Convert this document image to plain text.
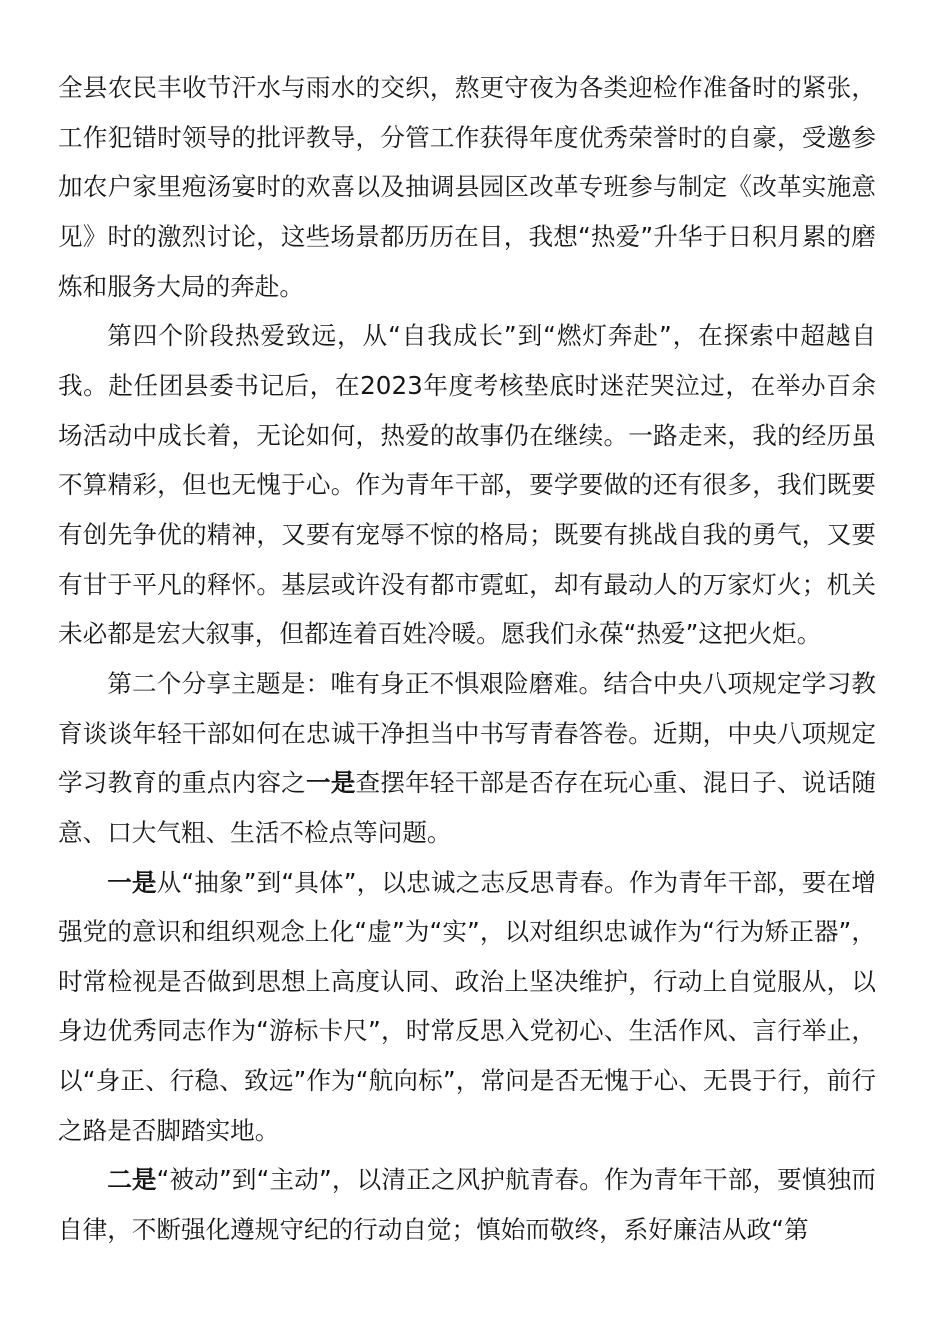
全县农民丰收节汗水与雨水的交织，熬更守夜为各类迎检作准备时的紧张，工作犯错时领导的批评教导，分管工作获得年度优秀荣誉时的自豪，受邀参加农户家里疱汤宴时的欢喜以及抽调县园区改革专班参与制定《改革实施意见》时的激烈讨论，这些场景都历历在目，我想“热爱”升华于日积月累的磨炼和服务大局的奔赴。

第四个阶段热爱致远，从“自我成长”到“燃灯奔赴”，在探索中超越自我。赴任团县委书记后，在2023年度考核垫底时迷茫哭泣过，在举办百余场活动中成长着，无论如何，热爱的故事仍在继续。一路走来，我的经历虽不算精彩，但也无愧于心。作为青年干部，要学要做的还有很多，我们既要有创先争优的精神，又要有宠辱不惊的格局；既要有挑战自我的勇气，又要有甘于平凡的释怀。基层或许没有都市霓虹，却有最动人的万家灯火；机关未必都是宏大叙事，但都连着百姓冷暖。愿我们永葆“热爱”这把火炬。

第二个分享主题是：唯有身正不惧艰险磨难。结合中央八项规定学习教育谈谈年轻干部如何在忠诚干净担当中书写青春答卷。近期，中央八项规定学习教育的重点内容之一是查摆年轻干部是否存在玩心重、混日子、说话随意、口大气粗、生活不检点等问题。

一是从“抽象”到“具体”，以忠诚之志反思青春。作为青年干部，要在增强党的意识和组织观念上化“虚”为“实”，以对组织忠诚作为“行为矫正器”，时常检视是否做到思想上高度认同、政治上坚决维护，行动上自觉服从，以身边优秀同志作为“游标卡尺”，时常反思入党初心、生活作风、言行举止，以“身正、行稳、致远”作为“航向标”，常问是否无愧于心、无畏于行，前行之路是否脚踏实地。

二是“被动”到“主动”，以清正之风护航青春。作为青年干部，要慎独而自律，不断强化遵规守纪的行动自觉；慎始而敬终，系好廉洁从政“第
